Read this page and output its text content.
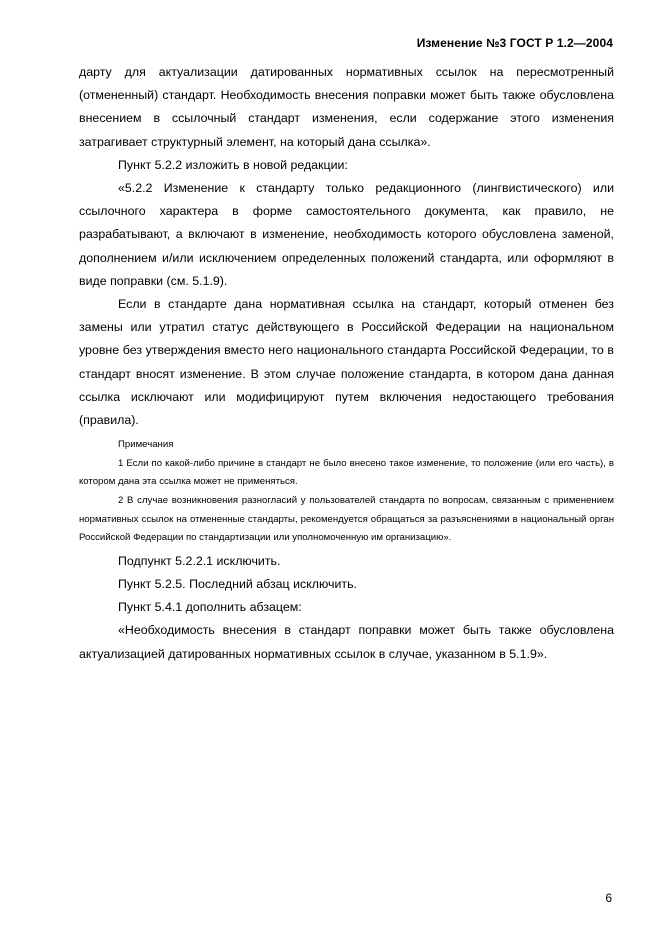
Изменение №3 ГОСТ Р 1.2—2004

дарту для актуализации датированных нормативных ссылок на пересмотренный (отмененный) стандарт. Необходимость внесения поправки может быть также обусловлена внесением в ссылочный стандарт изменения, если содержание этого изменения затрагивает структурный элемент, на который дана ссылка».

Пункт 5.2.2 изложить в новой редакции:

«5.2.2 Изменение к стандарту только редакционного (лингвистического) или ссылочного характера в форме самостоятельного документа, как правило, не разрабатывают, а включают в изменение, необходимость которого обусловлена заменой, дополнением и/или исключением определенных положений стандарта, или оформляют в виде поправки (см. 5.1.9).

Если в стандарте дана нормативная ссылка на стандарт, который отменен без замены или утратил статус действующего в Российской Федерации на национальном уровне без утверждения вместо него национального стандарта Российской Федерации, то в стандарт вносят изменение. В этом случае положение стандарта, в котором дана данная ссылка исключают или модифицируют путем включения недостающего требования (правила).

Примечания

1 Если по какой-либо причине в стандарт не было внесено такое изменение, то положение (или его часть), в котором дана эта ссылка может не применяться.

2 В случае возникновения разногласий у пользователей стандарта по вопросам, связанным с применением нормативных ссылок на отмененные стандарты, рекомендуется обращаться за разъяснениями в национальный орган Российской Федерации по стандартизации или уполномоченную им организацию».

Подпункт 5.2.2.1 исключить.

Пункт 5.2.5. Последний абзац исключить.

Пункт 5.4.1 дополнить абзацем:

«Необходимость внесения в стандарт поправки может быть также обусловлена актуализацией датированных нормативных ссылок в случае, указанном в 5.1.9».

6
